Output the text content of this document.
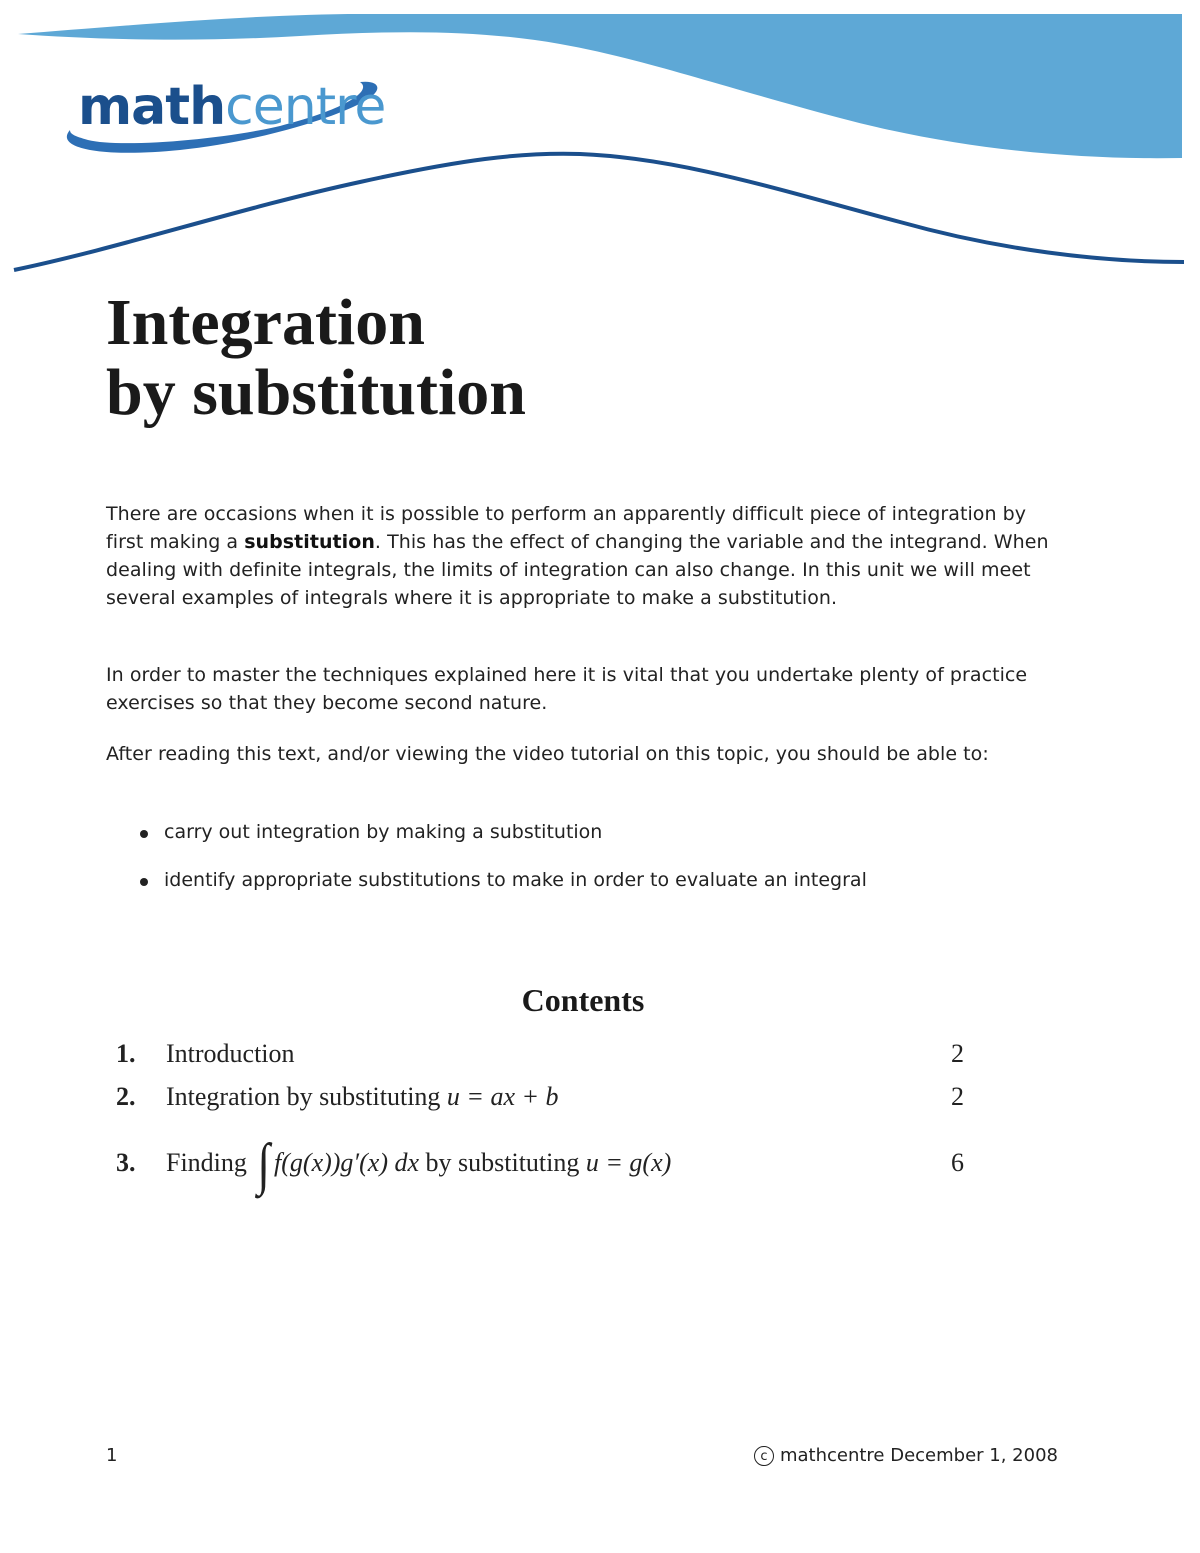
mathcentre

Integration
by substitution

There are occasions when it is possible to perform an apparently difficult piece of integration by first making a substitution. This has the effect of changing the variable and the integrand. When dealing with definite integrals, the limits of integration can also change. In this unit we will meet several examples of integrals where it is appropriate to make a substitution.

In order to master the techniques explained here it is vital that you undertake plenty of practice exercises so that they become second nature.

After reading this text, and/or viewing the video tutorial on this topic, you should be able to:

carry out integration by making a substitution
identify appropriate substitutions to make in order to evaluate an integral
Contents
1. Introduction	2
2. Integration by substituting u = ax + b	2
3. Finding ∫ f(g(x))g′(x) dx by substituting u = g(x)	6

1	c mathcentre December 1, 2008
